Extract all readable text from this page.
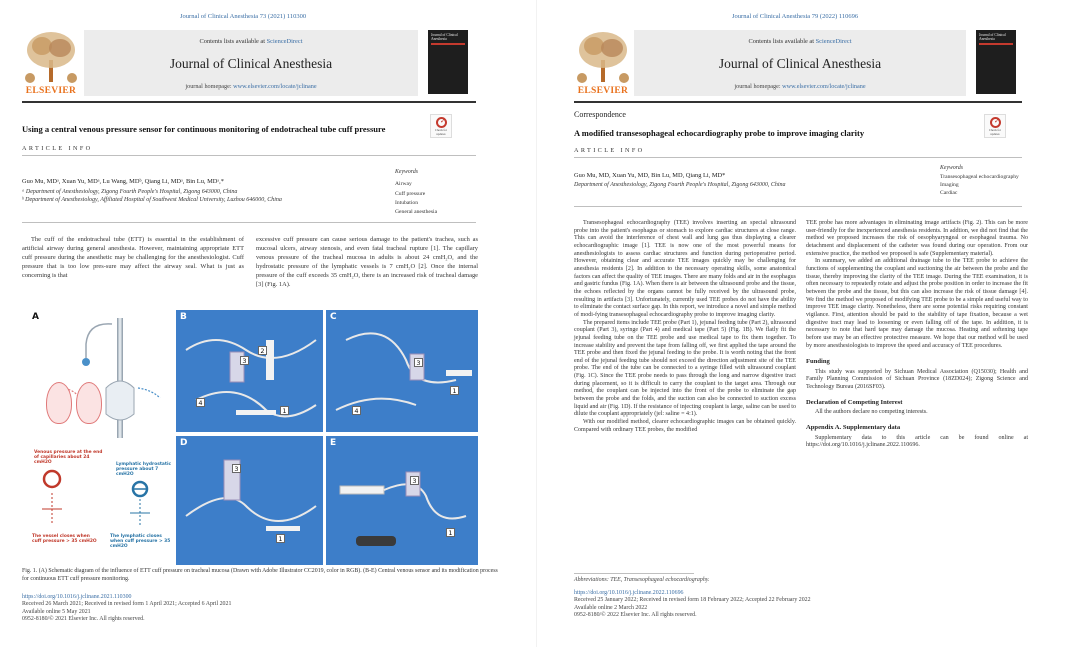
Journal of Clinical Anesthesia 73 (2021) 110300
ELSEVIER
Contents lists available at ScienceDirect
Journal of Clinical Anesthesia
journal homepage: www.elsevier.com/locate/jclinane
Journal of Clinical Anesthesia
Using a central venous pressure sensor for continuous monitoring of endotracheal tube cuff pressure
✓
Check for updates
ARTICLE INFO
Guo Mu, MDᵃ, Xuan Yu, MDᵃ, Lu Wang, MDᵇ, Qiang Li, MDᵃ, Bin Lu, MDᵃ,*
ᵃ Department of Anesthesiology, Zigong Fourth People's Hospital, Zigong 643000, China
ᵇ Department of Anesthesiology, Affiliated Hospital of Southwest Medical University, Luzhou 646000, China
Keywords
Airway
Cuff pressure
Intubation
General anesthesia

The cuff of the endotracheal tube (ETT) is essential in the establishment of artificial airway during general anesthesia. However, maintaining appropriate ETT cuff pressure during the anesthetic may be challenging for the anesthesiologist. Cuff pressure that is too low pres-sure may affect the airway seal. What is just as concerning is that

excessive cuff pressure can cause serious damage to the patient's trachea, such as mucosal ulcers, airway stenosis, and even fatal tracheal rupture [1]. The capillary venous pressure of the tracheal mucosa in adults is about 24 cmH₂O, and the hydrostatic pressure of the lymphatic vessels is 7 cmH₂O [2]. Once the internal pressure of the cuff exceeds 35 cmH₂O, there is an increased risk of tracheal damage [3] (Fig. 1A).

A
Venous pressure at the end of capillaries about 24 cmH2O	Lymphatic hydrostatic pressure about 7 cmH2O
The vessel closes when cuff pressure > 35 cmH2O
The lymphatic closes when cuff pressure > 35 cmH2O
B
3
2
4
1
C
3
4
1
D
3
1
E
3
1
Fig. 1. (A) Schematic diagram of the influence of ETT cuff pressure on tracheal mucosa (Drawn with Adobe Illustrator CC2019, color in RGB). (B-E) Central venous sensor and its modification process for continuous ETT cuff pressure monitoring.
https://doi.org/10.1016/j.jclinane.2021.110300
Received 26 March 2021; Received in revised form 1 April 2021; Accepted 6 April 2021
Available online 5 May 2021
0952-8180/© 2021 Elsevier Inc. All rights reserved.
Journal of Clinical Anesthesia 79 (2022) 110696
ELSEVIER
Contents lists available at ScienceDirect
Journal of Clinical Anesthesia
journal homepage: www.elsevier.com/locate/jclinane
Journal of Clinical Anesthesia
Correspondence
A modified transesophageal echocardiography probe to improve imaging clarity
✓
Check for updates
ARTICLE INFO
Guo Mu, MD, Xuan Yu, MD, Bin Lu, MD, Qiang Li, MD*
Department of Anesthesiology, Zigong Fourth People's Hospital, Zigong 643000, China
Keywords
Transesophageal echocardiography
Imaging
Cardiac

Transesophageal echocardiography (TEE) involves inserting an special ultrasound probe into the patient's esophagus or stomach to explore cardiac structures at close range. This can avoid the interference of chest wall and lung gas thus displaying a clearer echocardiographic image [1]. TEE is now one of the most powerful means for anesthesiologists to assess cardiac structures and function during perioperative period. However, obtaining clear and accurate TEE images quickly may be challenging for anesthesia residents [2]. In addition to the necessary operating skills, some anatomical factors can affect the quality of TEE images. There are many folds and air in the esophagus and gastric fundus (Fig. 1A). When there is air between the ultrasound probe and the tissue, the echoes reflected by the organs cannot be fully received by the ultrasound probe, resulting in artifacts [3]. Unfortunately, currently used TEE probes do not have the ability to eliminate the contact surface gap. In this report, we introduce a novel and simple method of modi-fying transesophageal echocardiography probe to improve imaging clarity.

The prepared items include TEE probe (Part 1), jejunal feeding tube (Part 2), ultrasound couplant (Part 3), syringe (Part 4) and medical tape (Part 5) (Fig. 1B). We flatly fit the jejunal feeding tube on the TEE probe and use medical tape to fix them together. To increase stability and prevent the tape from falling off, we first applied the tape around the TEE probe and then fixed the jejunal feeding to the probe. It is worth noting that the front end of the jejunal feeding tube should not exceed the direction adjustment site of the TEE probe. The end of the tube can be connected to a syringe filled with ultrasound couplant (Fig. 1C). Since the TEE probe needs to pass through the long and narrow digestive tract during placement, so it is difficult to carry the couplant to the target area. Through our method, the couplant can be injected into the front of the probe to eliminate the gap between the probe and the folds, and the suction can also be connected to suction excess liquid and air (Fig. 1D). If the resistance of injecting couplant is large, saline can be used to dilute the couplant appropriately (jel: saline = 4:1).

With our modified method, clearer echocardiographic images can be obtained quickly. Compared with ordinary TEE probes, the modified

TEE probe has more advantages in eliminating image artifacts (Fig. 2). This can be more user-friendly for the inexperienced anesthesia residents. In addtion, we did not find that the method we proposed increases the risk of oesophyaryngeal or esophageal trauma. No detachment and displacement of the catheter was found during our operation. From our extensive practice, the method we proposed is safe (Supplementary material).

In summary, we added an additional drainage tube to the TEE probe to achieve the functions of supplementing the couplant and suctioning the air between the probe and the tissue, thereby improving the clarity of the TEE image. During the TEE examination, it is often necessary to repeatedly rotate and adjust the probe position in order to increase the fit between the probe and the tissue, but this can also increase the risk of tissue damage [4]. We find the method we proposed of modifying TEE probe to be a simple and useful way to improve TEE image clarity. Nonetheless, there are some potential risks requiring constant vigilance. First, attention should be paid to the stability of tape fixation, because a wet digestive tract may lead to loosening or even falling off of the tape. In addition, it is necessary to note that hard tape may damage the mucosa. Heating and softening tape before use may be an effective protective measure. We hope that our method will be used by more anesthesiologists to improve the speed and accuracy of TEE procedures.

Funding

This study was supported by Sichuan Medical Association (Q15030); Health and Family Planning Commission of Sichuan Province (18ZD024); Zigong Science and Technology Bureau (2016SF03).

Declaration of Competing Interest

All the authors declare no competing interests.

Appendix A. Supplementary data

Supplementary data to this article can be found online at https://doi.org/10.1016/j.jclinane.2022.110696.

Abbreviations: TEE, Transesophageal echocardiography.
https://doi.org/10.1016/j.jclinane.2022.110696
Received 25 January 2022; Received in revised form 18 February 2022; Accepted 22 February 2022
Available online 2 March 2022
0952-8180/© 2022 Elsevier Inc. All rights reserved.
